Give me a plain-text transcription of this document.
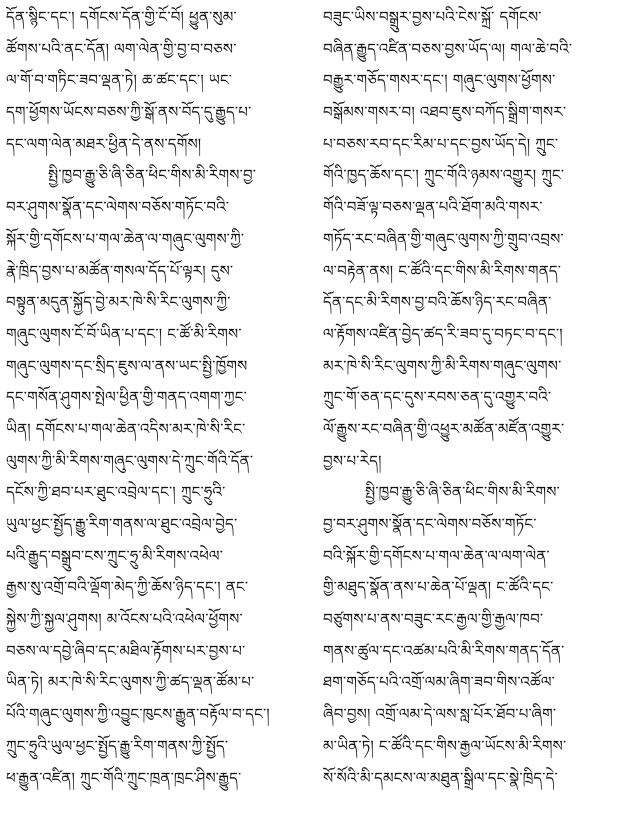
དོན་སྙིང་དང་། དགོངས་དོན་གྱི་ངོ་བོ། ཕྱུན་སུམ་
ཚོགས་པའི་ནང་དོན། ལག་ལེན་གྱི་བྱ་བ་བཅས་
ལ་གོ་བ་གཏིང་ཟབ་ལྡན་ཏེ། ཆ་ཚང་དང་། ཡང་
དག་ཕྱོགས་ཡོངས་བཅས་ཀྱི་སྒོ་ནས་བོད་དུ་རྒྱུད་པ་
དང་ལག་ལེན་མཐར་ཕྱིན་དེ་ནས་དགོས།
སྤྱི་ཁྱབ་རྒྱུ་ཅི་ཞི་ཅིན་ཕིང་གིས་མི་རིགས་བྱ་
བར་ཤུགས་སྣོན་དང་ལེགས་བཅོས་གཏོང་བའི་
སྐོར་གྱི་དགོངས་པ་གལ་ཆེན་ལ་གཞུང་ལུགས་ཀྱི་
རྣེ་ཁྲིད་བྱས་པ་མཚོན་གསལ་དོད་པོ་ལྟར། དུས་
བསྟུན་མདུན་སྐྱོད་བྱེ་མར་ཁེ་སི་རིང་ལུགས་ཀྱི་
གཞུང་ལུགས་ངོ་བོ་ཡིན་པ་དང་། ང་ཚོ་མི་རིགས་
གཞུང་ལུགས་དང་སྲིད་ཇུས་ལ་ནས་ཡང་སྤྱི་ཁྱོགས
དང་གསོན་ཤུགས་སྤེལ་ཕྱིན་གྱི་གནད་འགག་ཀྱང་
ཡིན། དགོངས་པ་གལ་ཆེན་འདིས་མར་ཁེ་སི་རིང་
ལུགས་ཀྱི་མི་རིགས་གཞུང་ལུགས་དེ་ཀྲུང་གོའི་དོན་
དངོས་ཀྱི་ཐབ་པར་ཐུང་འབྲེལ་དང་། ཀྲུང་ཧྲུའི་
ཡུལ་ཕྱང་སྤྱོད་རྒྱུ་རིག་གནས་ལ་ཐུང་འབྲེལ་བྱེད་
པའི་རྒྱུད་བསྒྲུབ་ངས་ཀྲུང་ཧྲུ་མི་རིགས་འཕེལ་
རྒྱས་སུ་འགྲོ་བའི་ལྡོག་མེད་ཀྱི་ཆོས་ཉིད་དང་། ནང་
སྐྱེས་ཀྱི་སྐྱལ་ཤུགས། མ་འོངས་པའི་འཕེལ་ཕྱོགས་
བཅས་ལ་དབྱེ་ཞིབ་དང་མཐིལ་རྟོགས་པར་བྱས་པ་
ཡིན་ཏེ། མར་ཁེ་སི་རིང་ལུགས་ཀྱི་ཚད་ལྡན་ཚོམ་པ་
པོའི་གཞུང་ལུགས་ཀྱི་འབྱུང་ཁུངས་རྒྱུན་བརྟོལ་བ་དང་།
ཀྲུང་ཧྲུའི་ཡུལ་ཕྱང་སྤྱོད་རྒྱུ་རིག་གནས་ཀྱི་སྤྱོད་
ཕ་རྒྱུན་འཛིན། ཀྲུང་གོའི་ཀྲུང་ཁྲན་ཁྲང་ཤིས་རྒྱུད་
བཟུང་ཡིས་བསྒྲུར་བྱས་པའི་ངེས་སྐྲོ་ དགོངས་
བཞིན་རྒྱུད་འཛིན་བཅས་བྱས་ཡོད་ལ། གལ་ཆེ་བའི་
བརྒྱུར་གཅོད་གསར་དང་། གཞུང་ལུགས་ཕྱོགས་
བསྒོམས་གསར་བ། འཐབ་ཇུས་བཀོད་སྒྲིག་གསར་
པ་བཅས་རབ་དང་རིམ་པ་དང་བྱས་ཡོད་དེ། ཀྲུང་
གོའི་ཁྱད་ཆོས་དང་། ཀྲུང་གོའི་ཉམས་འགྱུར། ཀྲུང་
གོའི་བཟོ་ལྟ་བཅས་ལྡན་པའི་ཐོག་མའི་གསར་
གཏོད་རང་བཞིན་གྱི་གཞུང་ལུགས་ཀྱི་གྲུབ་འབྲས་
ལ་བརྟེན་ནས། ང་ཚོའི་དང་གིས་མི་རིགས་གནད་
དོན་དང་མི་རིགས་བྱ་བའི་ཆོས་ཉིད་རང་བཞིན་
ལ་རྟོགས་འཛིན་བྱེད་ཚད་རི་ཟབ་དུ་བཏང་བ་དང་།
མར་ཁེ་སི་རིང་ལུགས་ཀྱི་མི་རིགས་གཞུང་ལུགས་
ཀྲུང་གོ་ཅན་དང་དུས་རབས་ཅན་དུ་འགྱུར་བའི་
ལོ་རྒྱུས་རང་བཞིན་གྱི་འཕྱུར་མཚོན་མཛོན་འགྱུར་
བྱས་པ་རེད།
སྤྱི་ཁྱབ་རྒྱུ་ཅི་ཞི་ཅིན་ཕིང་གིས་མི་རིགས་
བྱ་བར་ཤུགས་སྣོན་དང་ལེགས་བཅོས་གཏོང་
བའི་སྐོར་གྱི་དགོངས་པ་གལ་ཆེན་ལ་ལག་ལེན་
གྱི་མཐུད་སྣོན་ནས་པ་ཆེན་པོ་ལྡན། ང་ཚོའི་དང་
བཙུགས་པ་ནས་བཟུང་རང་རྒྱལ་གྱི་རྒྱལ་ཁབ་
གནས་ཚུལ་དང་འཚམ་པའི་མི་རིགས་གནད་དོན་
ཐག་གཅོད་པའི་འགྲོ་ལམ་ཞིག་ཟབ་གིས་འཚོལ་
ཞིབ་བྱས། འགྲོ་ལམ་དེ་ལས་སླ་པོར་ཐོབ་པ་ཞིག་
མ་ཡིན་ཏེ། ང་ཚོའི་དང་གིས་རྒྱལ་ཡོངས་མི་རིགས་
སོ་སོའི་མི་དམངས་ལ་མཐུན་སྒྲིལ་དང་སྣེ་ཁྲིད་དེ་
